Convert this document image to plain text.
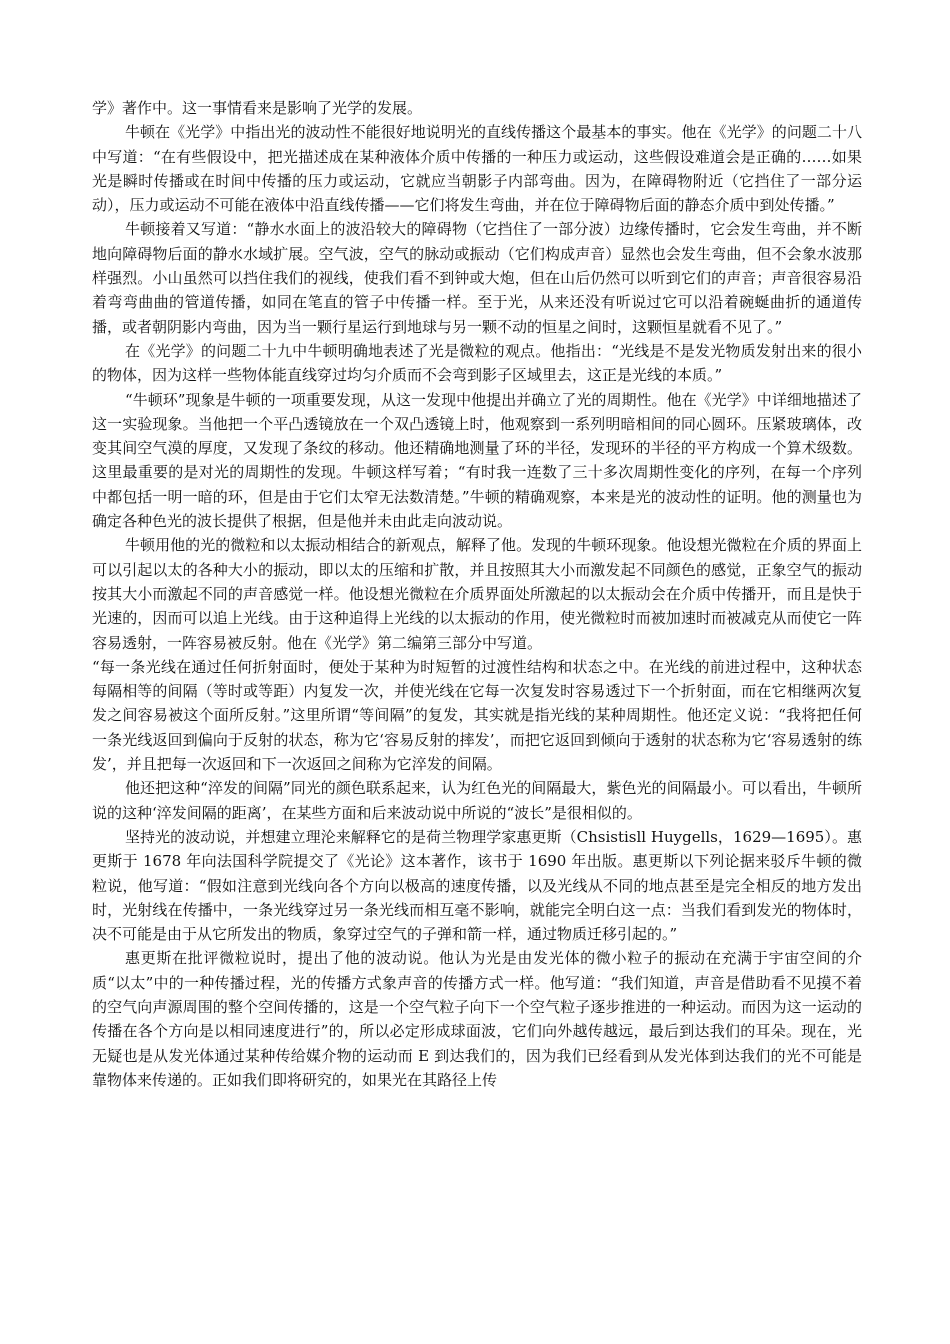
学》著作中。这一事情看来是影响了光学的发展。

牛顿在《光学》中指出光的波动性不能很好地说明光的直线传播这个最基本的事实。他在《光学》的问题二十八中写道：“在有些假设中，把光描述成在某种液体介质中传播的一种压力或运动，这些假设难道会是正确的……如果光是瞬时传播或在时间中传播的压力或运动，它就应当朝影子内部弯曲。因为，在障碍物附近（它挡住了一部分运动），压力或运动不可能在液体中沿直线传播——它们将发生弯曲，并在位于障碍物后面的静态介质中到处传播。”

牛顿接着又写道：“静水水面上的波沿较大的障碍物（它挡住了一部分波）边缘传播时，它会发生弯曲，并不断地向障碍物后面的静水水域扩展。空气波，空气的脉动或振动（它们构成声音）显然也会发生弯曲，但不会象水波那样强烈。小山虽然可以挡住我们的视线，使我们看不到钟或大炮，但在山后仍然可以听到它们的声音；声音很容易沿着弯弯曲曲的管道传播，如同在笔直的管子中传播一样。至于光，从来还没有听说过它可以沿着碗蜒曲折的通道传播，或者朝阴影内弯曲，因为当一颗行星运行到地球与另一颗不动的恒星之间时，这颗恒星就看不见了。”

在《光学》的问题二十九中牛顿明确地表述了光是微粒的观点。他指出：“光线是不是发光物质发射出来的很小的物体，因为这样一些物体能直线穿过均匀介质而不会弯到影子区域里去，这正是光线的本质。”

“牛顿环”现象是牛顿的一项重要发现，从这一发现中他提出并确立了光的周期性。他在《光学》中详细地描述了这一实验现象。当他把一个平凸透镜放在一个双凸透镜上时，他观察到一系列明暗相间的同心圆环。压紧玻璃体，改变其间空气漠的厚度，又发现了条纹的移动。他还精确地测量了环的半径，发现环的半径的平方构成一个算术级数。这里最重要的是对光的周期性的发现。牛顿这样写着；“有时我一连数了三十多次周期性变化的序列，在每一个序列中都包括一明一暗的环，但是由于它们太窄无法数清楚。”牛顿的精确观察，本来是光的波动性的证明。他的测量也为确定各种色光的波长提供了根据，但是他并未由此走向波动说。

牛顿用他的光的微粒和以太振动相结合的新观点，解释了他。发现的牛顿环现象。他设想光微粒在介质的界面上可以引起以太的各种大小的振动，即以太的压缩和扩散，并且按照其大小而激发起不同颜色的感觉，正象空气的振动按其大小而激起不同的声音感觉一样。他设想光微粒在介质界面处所激起的以太振动会在介质中传播开，而且是快于光速的，因而可以追上光线。由于这种追得上光线的以太振动的作用，使光微粒时而被加速时而被减克从而使它一阵容易透射，一阵容易被反射。他在《光学》第二编第三部分中写道。

“每一条光线在通过任何折射面时，便处于某种为时短暂的过渡性结构和状态之中。在光线的前进过程中，这种状态每隔相等的间隔（等时或等距）内复发一次，并使光线在它每一次复发时容易透过下一个折射面，而在它相继两次复发之间容易被这个面所反射。”这里所谓“等间隔”的复发，其实就是指光线的某种周期性。他还定义说：“我将把任何一条光线返回到偏向于反射的状态，称为它‘容易反射的摔发’，而把它返回到倾向于透射的状态称为它‘容易透射的练发’，并且把每一次返回和下一次返回之间称为它淬发的间隔。

他还把这种“淬发的间隔”同光的颜色联系起来，认为红色光的间隔最大，紫色光的间隔最小。可以看出，牛顿所说的这种‘淬发间隔的距离’，在某些方面和后来波动说中所说的“波长”是很相似的。

坚持光的波动说，并想建立理沦来解释它的是荷兰物理学家惠更斯（Chsistisll Huygells，1629—1695）。惠更斯于 1678 年向法国科学院提交了《光论》这本著作，该书于 1690 年出版。惠更斯以下列论据来驳斥牛顿的微粒说，他写道：“假如注意到光线向各个方向以极高的速度传播，以及光线从不同的地点甚至是完全相反的地方发出时，光射线在传播中，一条光线穿过另一条光线而相互毫不影响，就能完全明白这一点：当我们看到发光的物体时，决不可能是由于从它所发出的物质，象穿过空气的子弹和箭一样，通过物质迁移引起的。”

惠更斯在批评微粒说时，提出了他的波动说。他认为光是由发光体的微小粒子的振动在充满于宇宙空间的介质“以太”中的一种传播过程，光的传播方式象声音的传播方式一样。他写道：“我们知道，声音是借助看不见摸不着的空气向声源周围的整个空间传播的，这是一个空气粒子向下一个空气粒子逐步推进的一种运动。而因为这一运动的传播在各个方向是以相同速度进行”的，所以必定形成球面波，它们向外越传越远，最后到达我们的耳朵。现在，光无疑也是从发光体通过某种传给媒介物的运动而 E 到达我们的，因为我们已经看到从发光体到达我们的光不可能是靠物体来传递的。正如我们即将研究的，如果光在其路径上传
